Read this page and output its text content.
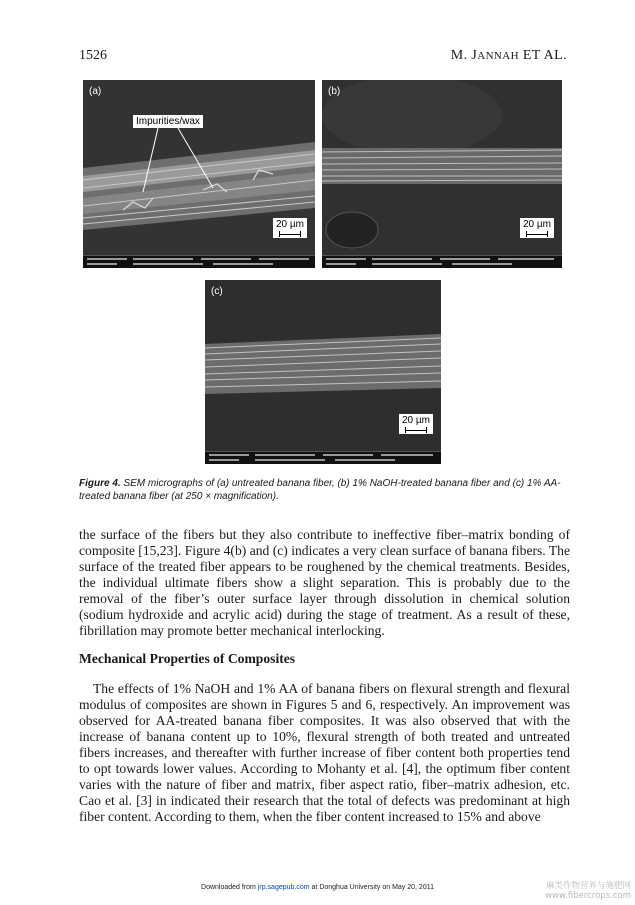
1526	M. JANNAH ET AL.
(a)
Impurities/wax
20 µm
(b)
20 µm
(c)
20 µm
Figure 4. SEM micrographs of (a) untreated banana fiber, (b) 1% NaOH-treated banana fiber and (c) 1% AA-treated banana fiber (at 250 × magnification).

the surface of the fibers but they also contribute to ineffective fiber–matrix bonding of composite [15,23]. Figure 4(b) and (c) indicates a very clean surface of banana fibers. The surface of the treated fiber appears to be roughened by the chemical treatments. Besides, the individual ultimate fibers show a slight separation. This is probably due to the removal of the fiber’s outer surface layer through dissolution in chemical solution (sodium hydroxide and acrylic acid) during the stage of treatment. As a result of these, fibrillation may promote better mechanical interlocking.

Mechanical Properties of Composites

The effects of 1% NaOH and 1% AA of banana fibers on flexural strength and flexural modulus of composites are shown in Figures 5 and 6, respectively. An improvement was observed for AA-treated banana fiber composites. It was also observed that with the increase of banana content up to 10%, flexural strength of both treated and untreated fibers increases, and thereafter with further increase of fiber content both properties tend to opt towards lower values. According to Mohanty et al. [4], the optimum fiber content varies with the nature of fiber and matrix, fiber aspect ratio, fiber–matrix adhesion, etc. Cao et al. [3] in indicated their research that the total of defects was predominant at high fiber content. According to them, when the fiber content increased to 15% and above

Downloaded from jrp.sagepub.com at Donghua University on May 20, 2011	麻类作物营养与施肥网
www.fibercrops.com
